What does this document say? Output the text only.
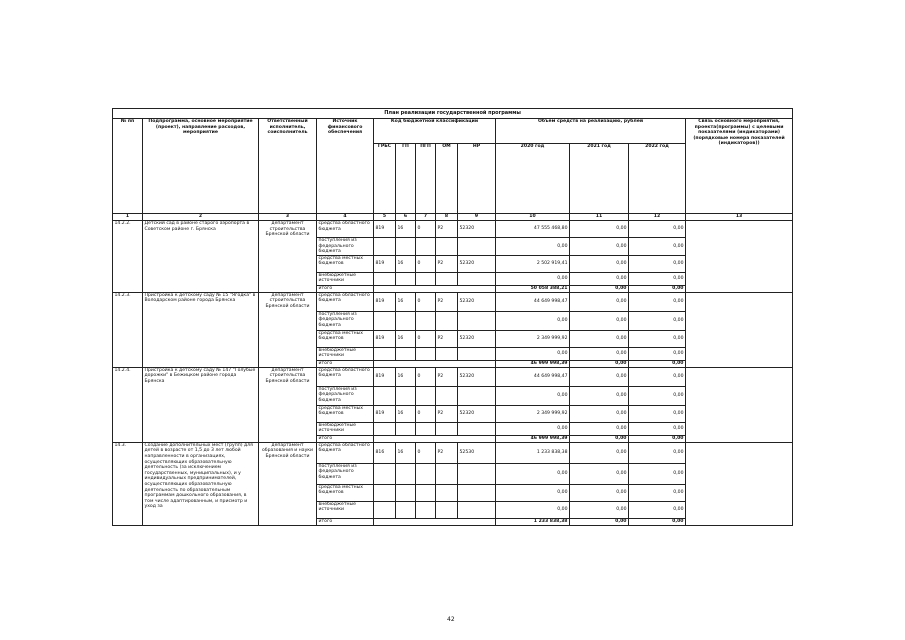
План реализации государственной программы												
№ пп	Подпрограмма, основное мероприятие (проект), направление расходов, мероприятие	Ответственный исполнитель, соисполнитель	Источник финансового обеспечения	Код бюджетной классификации					Объём средств на реализацию, рублей			Связь основного мероприятия, проекта(программы) с целевыми показателями (индикаторами) (порядковые номера показателей (индикаторов))
				ГРБС	ГП	ПГП	ОМ	НР	2020 год	2021 год	2022 год	
1	2	3	4	5	6	7	8	9	10	11	12	13
14.2.2.	Детский сад в районе старого аэропорта в Советском районе г. Брянска	департамент строительства Брянской области	средства областного бюджета	819	16	0	P2	52320	47 555 468,80	0,00	0,00	
			поступления из федерального бюджета						0,00	0,00	0,00	
			средства местных бюджетов	819	16	0	P2	52320	2 502 919,41	0,00	0,00	
			внебюджетные источники						0,00	0,00	0,00	
			итого						50 058 388,21	0,00	0,00	
14.2.3.	Пристройка к детскому саду № 15 "Ягодка" в Володарском районе города Брянска	департамент строительства Брянской области	средства областного бюджета	819	16	0	P2	52320	44 649 998,47	0,00	0,00	
			поступления из федерального бюджета						0,00	0,00	0,00	
			средства местных бюджетов	819	16	0	P2	52320	2 349 999,92	0,00	0,00	
			внебюджетные источники						0,00	0,00	0,00	
			итого						46 999 998,39	0,00	0,00	
14.2.4.	Пристройка к детскому саду № 147 "Голубые дорожки" в Бежицком районе города Брянска	департамент строительства Брянской области	средства областного бюджета	819	16	0	P2	52320	44 649 998,47	0,00	0,00	
			поступления из федерального бюджета						0,00	0,00	0,00	
			средства местных бюджетов	819	16	0	P2	52320	2 349 999,92	0,00	0,00	
			внебюджетные источники						0,00	0,00	0,00	
			итого						46 999 998,39	0,00	0,00	
14.3.	Создание дополнительных мест (групп) для детей в возрасте от 1,5 до 3 лет любой направленности в организациях, осуществляющих образовательную деятельность (за исключением государственных, муниципальных), и у индивидуальных предпринимателей, осуществляющих образовательную деятельность по образовательным программам дошкольного образования, в том числе адаптированным, и присмотр и уход за	департамент образования и науки Брянской области	средства областного бюджета	816	16	0	P2	52530	1 233 838,38	0,00	0,00	
			поступления из федерального бюджета						0,00	0,00	0,00	
			средства местных бюджетов						0,00	0,00	0,00	
			внебюджетные источники						0,00	0,00	0,00	
			итого						1 233 838,38	0,00	0,00	
42
